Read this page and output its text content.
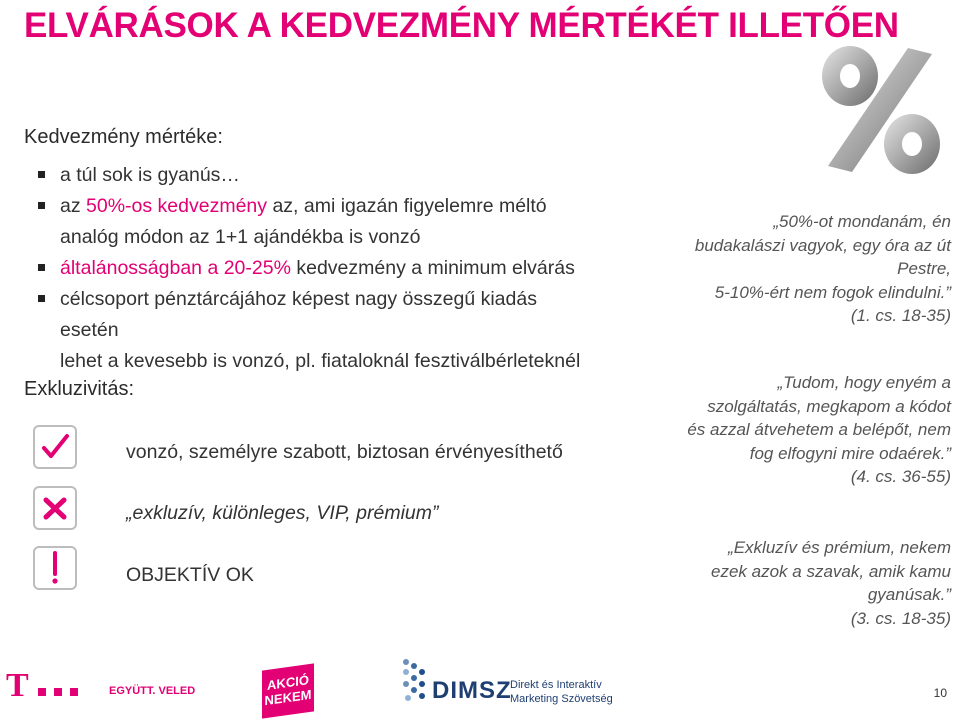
ELVÁRÁSOK A KEDVEZMÉNY MÉRTÉKÉT ILLETŐEN
Kedvezmény mértéke:
a túl sok is gyanús…
az 50%-os kedvezmény az, ami igazán figyelemre méltó
analóg módon az 1+1 ajándékba is vonzó
általánosságban a 20-25% kedvezmény a minimum elvárás
célcsoport pénztárcájához képest nagy összegű kiadás esetén
lehet a kevesebb is vonzó, pl. fiataloknál fesztiválbérleteknél
Exkluzivitás:
vonzó, személyre szabott, biztosan érvényesíthető
„exkluzív, különleges, VIP, prémium”
OBJEKTÍV OK
„50%-ot mondanám, én
budakalászi vagyok, egy óra az út
Pestre,
5-10%-ért nem fogok elindulni.”
(1. cs. 18-35)
„Tudom, hogy enyém a
szolgáltatás, megkapom a kódot
és azzal átvehetem a belépőt, nem
fog elfogyni mire odaérek.”
(4. cs. 36-55)
„Exkluzív és prémium, nekem
ezek azok a szavak, amik kamu
gyanúsak.”
(3. cs. 18-35)
T	EGYÜTT. VELED	AKCIÓ
NEKEM	DIMSZ
Direkt és Interaktív
Marketing Szövetség	10
